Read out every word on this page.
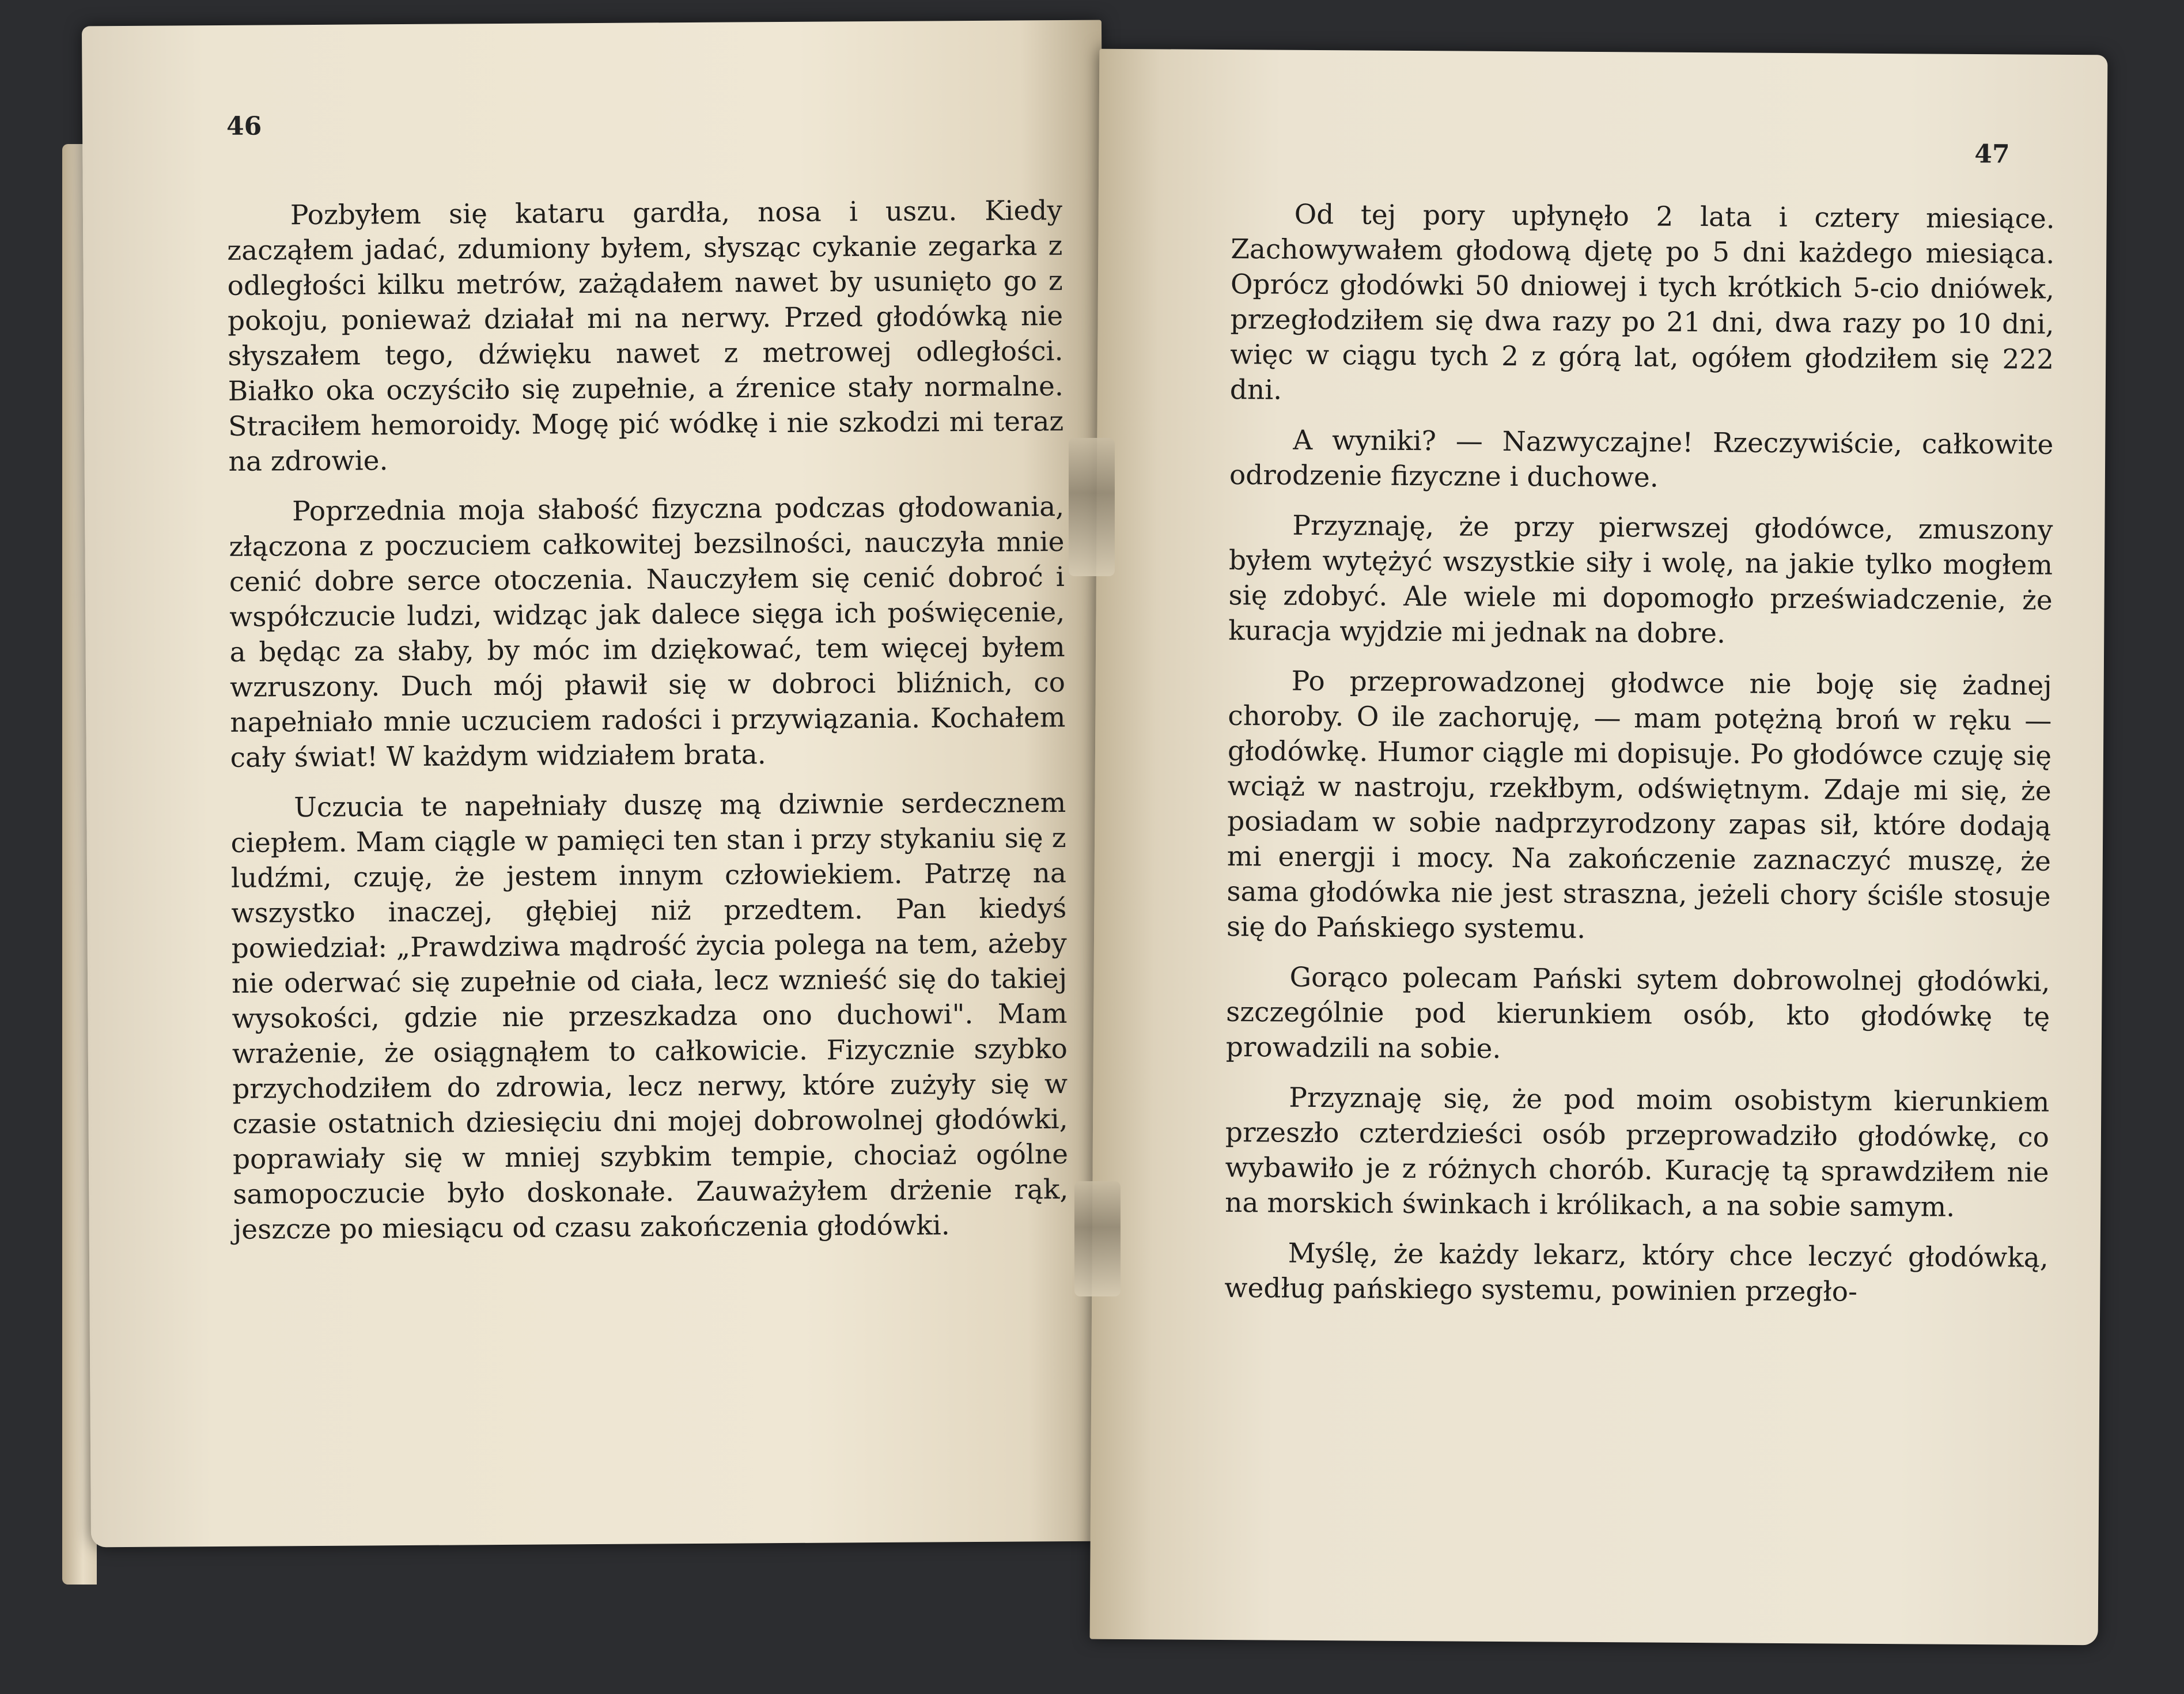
46

Pozbyłem się kataru gardła, nosa i uszu. Kiedy zacząłem jadać, zdumiony byłem, słysząc cykanie zegarka z odległości kilku metrów, zażądałem nawet by usunięto go z pokoju, ponieważ działał mi na nerwy. Przed głodówką nie słyszałem tego, dźwięku nawet z metrowej odległości. Białko oka oczyściło się zupełnie, a źrenice stały normalne. Straciłem hemoroidy. Mogę pić wódkę i nie szkodzi mi teraz na zdrowie.

Poprzednia moja słabość fizyczna podczas głodowania, złączona z poczuciem całkowitej bezsilności, nauczyła mnie cenić dobre serce otoczenia. Nauczyłem się cenić dobroć i współczucie ludzi, widząc jak dalece sięga ich poświęcenie, a będąc za słaby, by móc im dziękować, tem więcej byłem wzruszony. Duch mój pławił się w dobroci bliźnich, co napełniało mnie uczuciem radości i przywiązania. Kochałem cały świat! W każdym widziałem brata.

Uczucia te napełniały duszę mą dziwnie serdecznem ciepłem. Mam ciągle w pamięci ten stan i przy stykaniu się z ludźmi, czuję, że jestem innym człowiekiem. Patrzę na wszystko inaczej, głębiej niż przedtem. Pan kiedyś powiedział: „Prawdziwa mądrość życia polega na tem, ażeby nie oderwać się zupełnie od ciała, lecz wznieść się do takiej wysokości, gdzie nie przeszkadza ono duchowi". Mam wrażenie, że osiągnąłem to całkowicie. Fizycznie szybko przychodziłem do zdrowia, lecz nerwy, które zużyły się w czasie ostatnich dziesięciu dni mojej dobrowolnej głodówki, poprawiały się w mniej szybkim tempie, chociaż ogólne samopoczucie było doskonałe. Zauważyłem drżenie rąk, jeszcze po miesiącu od czasu zakończenia głodówki.

47

Od tej pory upłynęło 2 lata i cztery miesiące. Zachowywałem głodową djetę po 5 dni każdego miesiąca. Oprócz głodówki 50 dniowej i tych krótkich 5-cio dniówek, przegłodziłem się dwa razy po 21 dni, dwa razy po 10 dni, więc w ciągu tych 2 z górą lat, ogółem głodziłem się 222 dni.

A wyniki? — Nazwyczajne! Rzeczywiście, całkowite odrodzenie fizyczne i duchowe.

Przyznaję, że przy pierwszej głodówce, zmuszony byłem wytężyć wszystkie siły i wolę, na jakie tylko mogłem się zdobyć. Ale wiele mi dopomogło przeświadczenie, że kuracja wyjdzie mi jednak na dobre.

Po przeprowadzonej głodwce nie boję się żadnej choroby. O ile zachoruję, — mam potężną broń w ręku — głodówkę. Humor ciągle mi dopisuje. Po głodówce czuję się wciąż w nastroju, rzekłbym, odświętnym. Zdaje mi się, że posiadam w sobie nadprzyrodzony zapas sił, które dodają mi energji i mocy. Na zakończenie zaznaczyć muszę, że sama głodówka nie jest straszna, jeżeli chory ściśle stosuje się do Pańskiego systemu.

Gorąco polecam Pański sytem dobrowolnej głodówki, szczególnie pod kierunkiem osób, kto głodówkę tę prowadzili na sobie.

Przyznaję się, że pod moim osobistym kierunkiem przeszło czterdzieści osób przeprowadziło głodówkę, co wybawiło je z różnych chorób. Kurację tą sprawdziłem nie na morskich świnkach i królikach, a na sobie samym.

Myślę, że każdy lekarz, który chce leczyć głodówką, według pańskiego systemu, powinien przegło-
